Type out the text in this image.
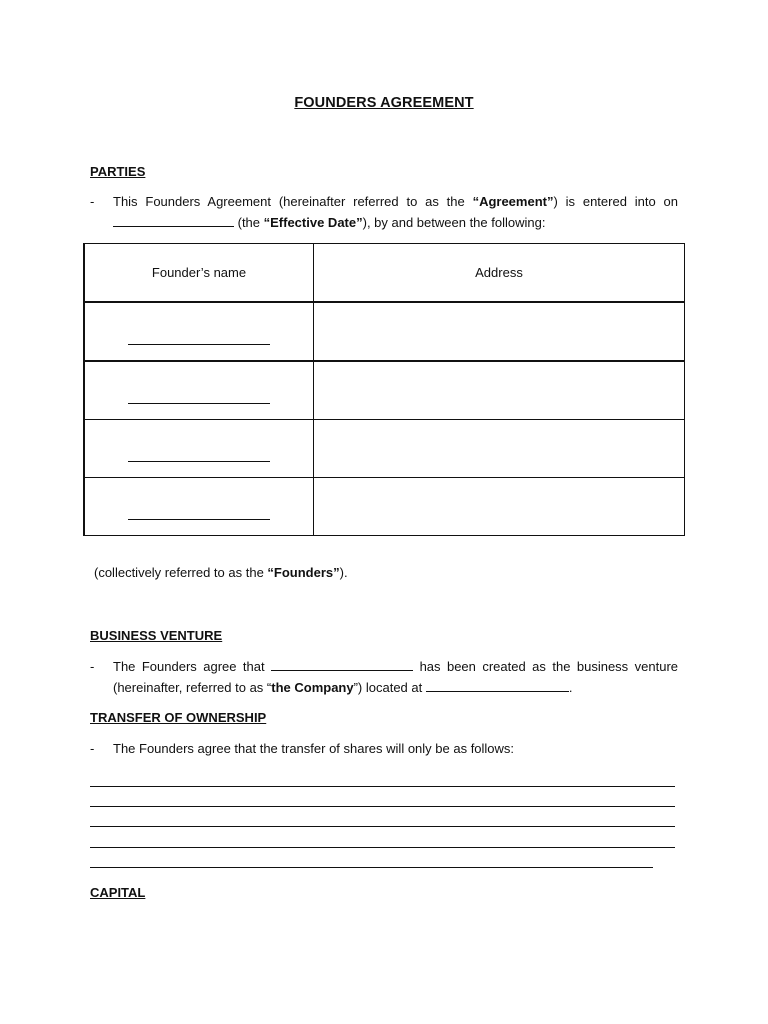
FOUNDERS AGREEMENT
PARTIES
- This Founders Agreement (hereinafter referred to as the “Agreement”) is entered into on
(the “Effective Date”), by and between the following:
Founder’s name	Address

(collectively referred to as the “Founders”).
BUSINESS VENTURE
- The Founders agree that	has been created as the business venture
(hereinafter, referred to as “the Company”) located at	.
TRANSFER OF OWNERSHIP
- The Founders agree that the transfer of shares will only be as follows:
CAPITAL
